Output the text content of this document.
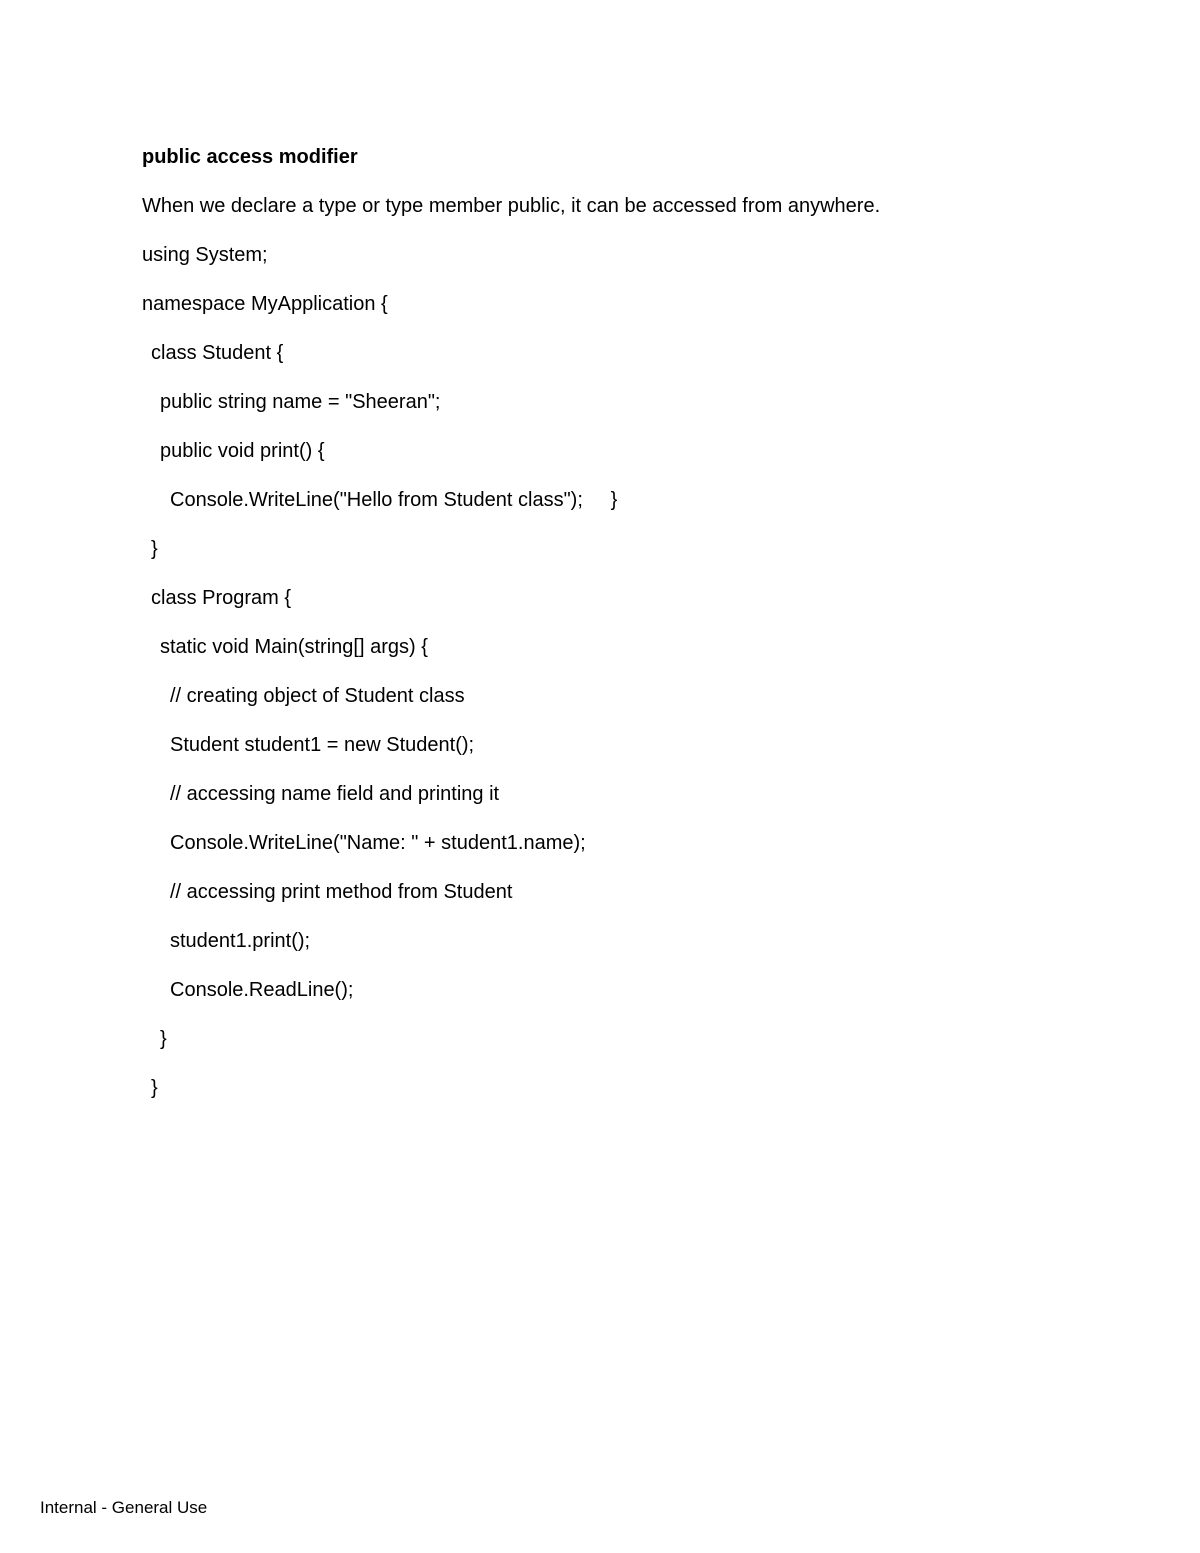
public access modifier
When we declare a type or type member public, it can be accessed from anywhere.
using System;
namespace MyApplication {
class Student {
public string name = "Sheeran";
public void print() {
Console.WriteLine("Hello from Student class");     }
}
class Program {
static void Main(string[] args) {
// creating object of Student class
Student student1 = new Student();
// accessing name field and printing it
Console.WriteLine("Name: " + student1.name);
// accessing print method from Student
student1.print();
Console.ReadLine();
}
}
Internal - General Use
